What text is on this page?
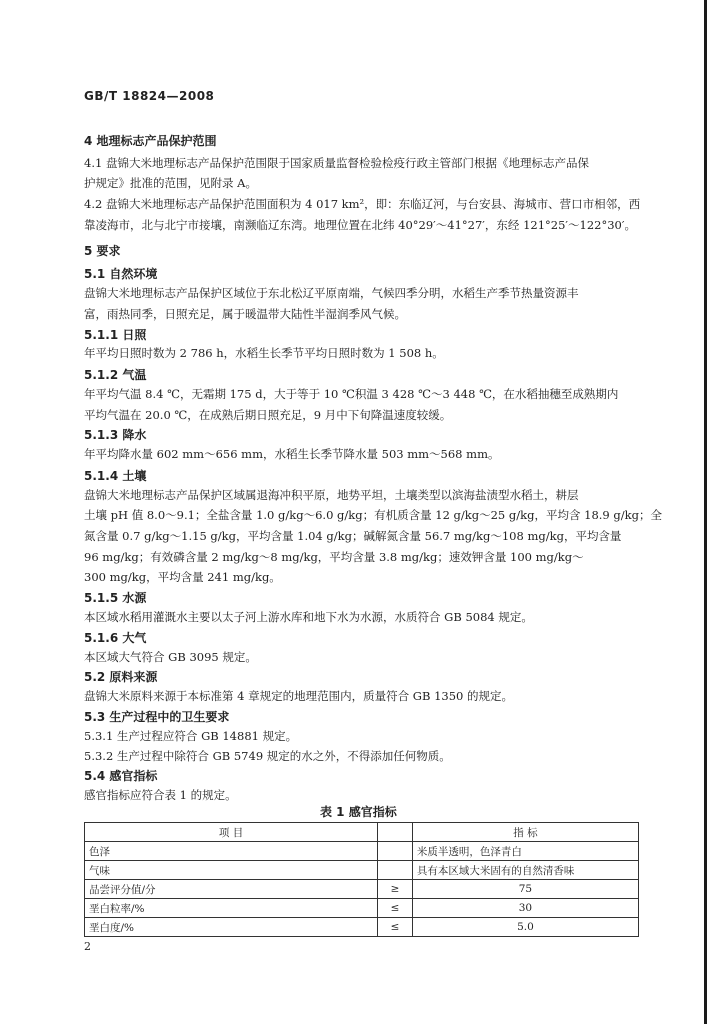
GB/T 18824—2008
4 地理标志产品保护范围
4.1 盘锦大米地理标志产品保护范围限于国家质量监督检验检疫行政主管部门根据《地理标志产品保
护规定》批准的范围，见附录 A。
4.2 盘锦大米地理标志产品保护范围面积为 4 017 km²，即：东临辽河，与台安县、海城市、营口市相邻，西
靠凌海市，北与北宁市接壤，南濒临辽东湾。地理位置在北纬 40°29′～41°27′，东经 121°25′～122°30′。
5 要求
5.1 自然环境
盘锦大米地理标志产品保护区域位于东北松辽平原南端，气候四季分明，水稻生产季节热量资源丰
富，雨热同季，日照充足，属于暖温带大陆性半湿润季风气候。
5.1.1 日照
年平均日照时数为 2 786 h，水稻生长季节平均日照时数为 1 508 h。
5.1.2 气温
年平均气温 8.4 ℃，无霜期 175 d，大于等于 10 ℃积温 3 428 ℃～3 448 ℃，在水稻抽穗至成熟期内
平均气温在 20.0 ℃，在成熟后期日照充足，9 月中下旬降温速度较缓。
5.1.3 降水
年平均降水量 602 mm～656 mm，水稻生长季节降水量 503 mm～568 mm。
5.1.4 土壤
盘锦大米地理标志产品保护区域属退海冲积平原，地势平坦，土壤类型以滨海盐渍型水稻土，耕层
土壤 pH 值 8.0～9.1；全盐含量 1.0 g/kg～6.0 g/kg；有机质含量 12 g/kg～25 g/kg，平均含 18.9 g/kg；全
氮含量 0.7 g/kg～1.15 g/kg，平均含量 1.04 g/kg；碱解氮含量 56.7 mg/kg～108 mg/kg，平均含量
96 mg/kg；有效磷含量 2 mg/kg～8 mg/kg，平均含量 3.8 mg/kg；速效钾含量 100 mg/kg～
300 mg/kg，平均含量 241 mg/kg。
5.1.5 水源
本区域水稻用灌溉水主要以太子河上游水库和地下水为水源，水质符合 GB 5084 规定。
5.1.6 大气
本区域大气符合 GB 3095 规定。
5.2 原料来源
盘锦大米原料来源于本标准第 4 章规定的地理范围内，质量符合 GB 1350 的规定。
5.3 生产过程中的卫生要求
5.3.1 生产过程应符合 GB 14881 规定。
5.3.2 生产过程中除符合 GB 5749 规定的水之外，不得添加任何物质。
5.4 感官指标
感官指标应符合表 1 的规定。
表 1 感官指标
项 目		指 标
色泽		米质半透明，色泽青白
气味		具有本区域大米固有的自然清香味
品尝评分值/分	≥	75
垩白粒率/%	≤	30
垩白度/%	≤	5.0
2
